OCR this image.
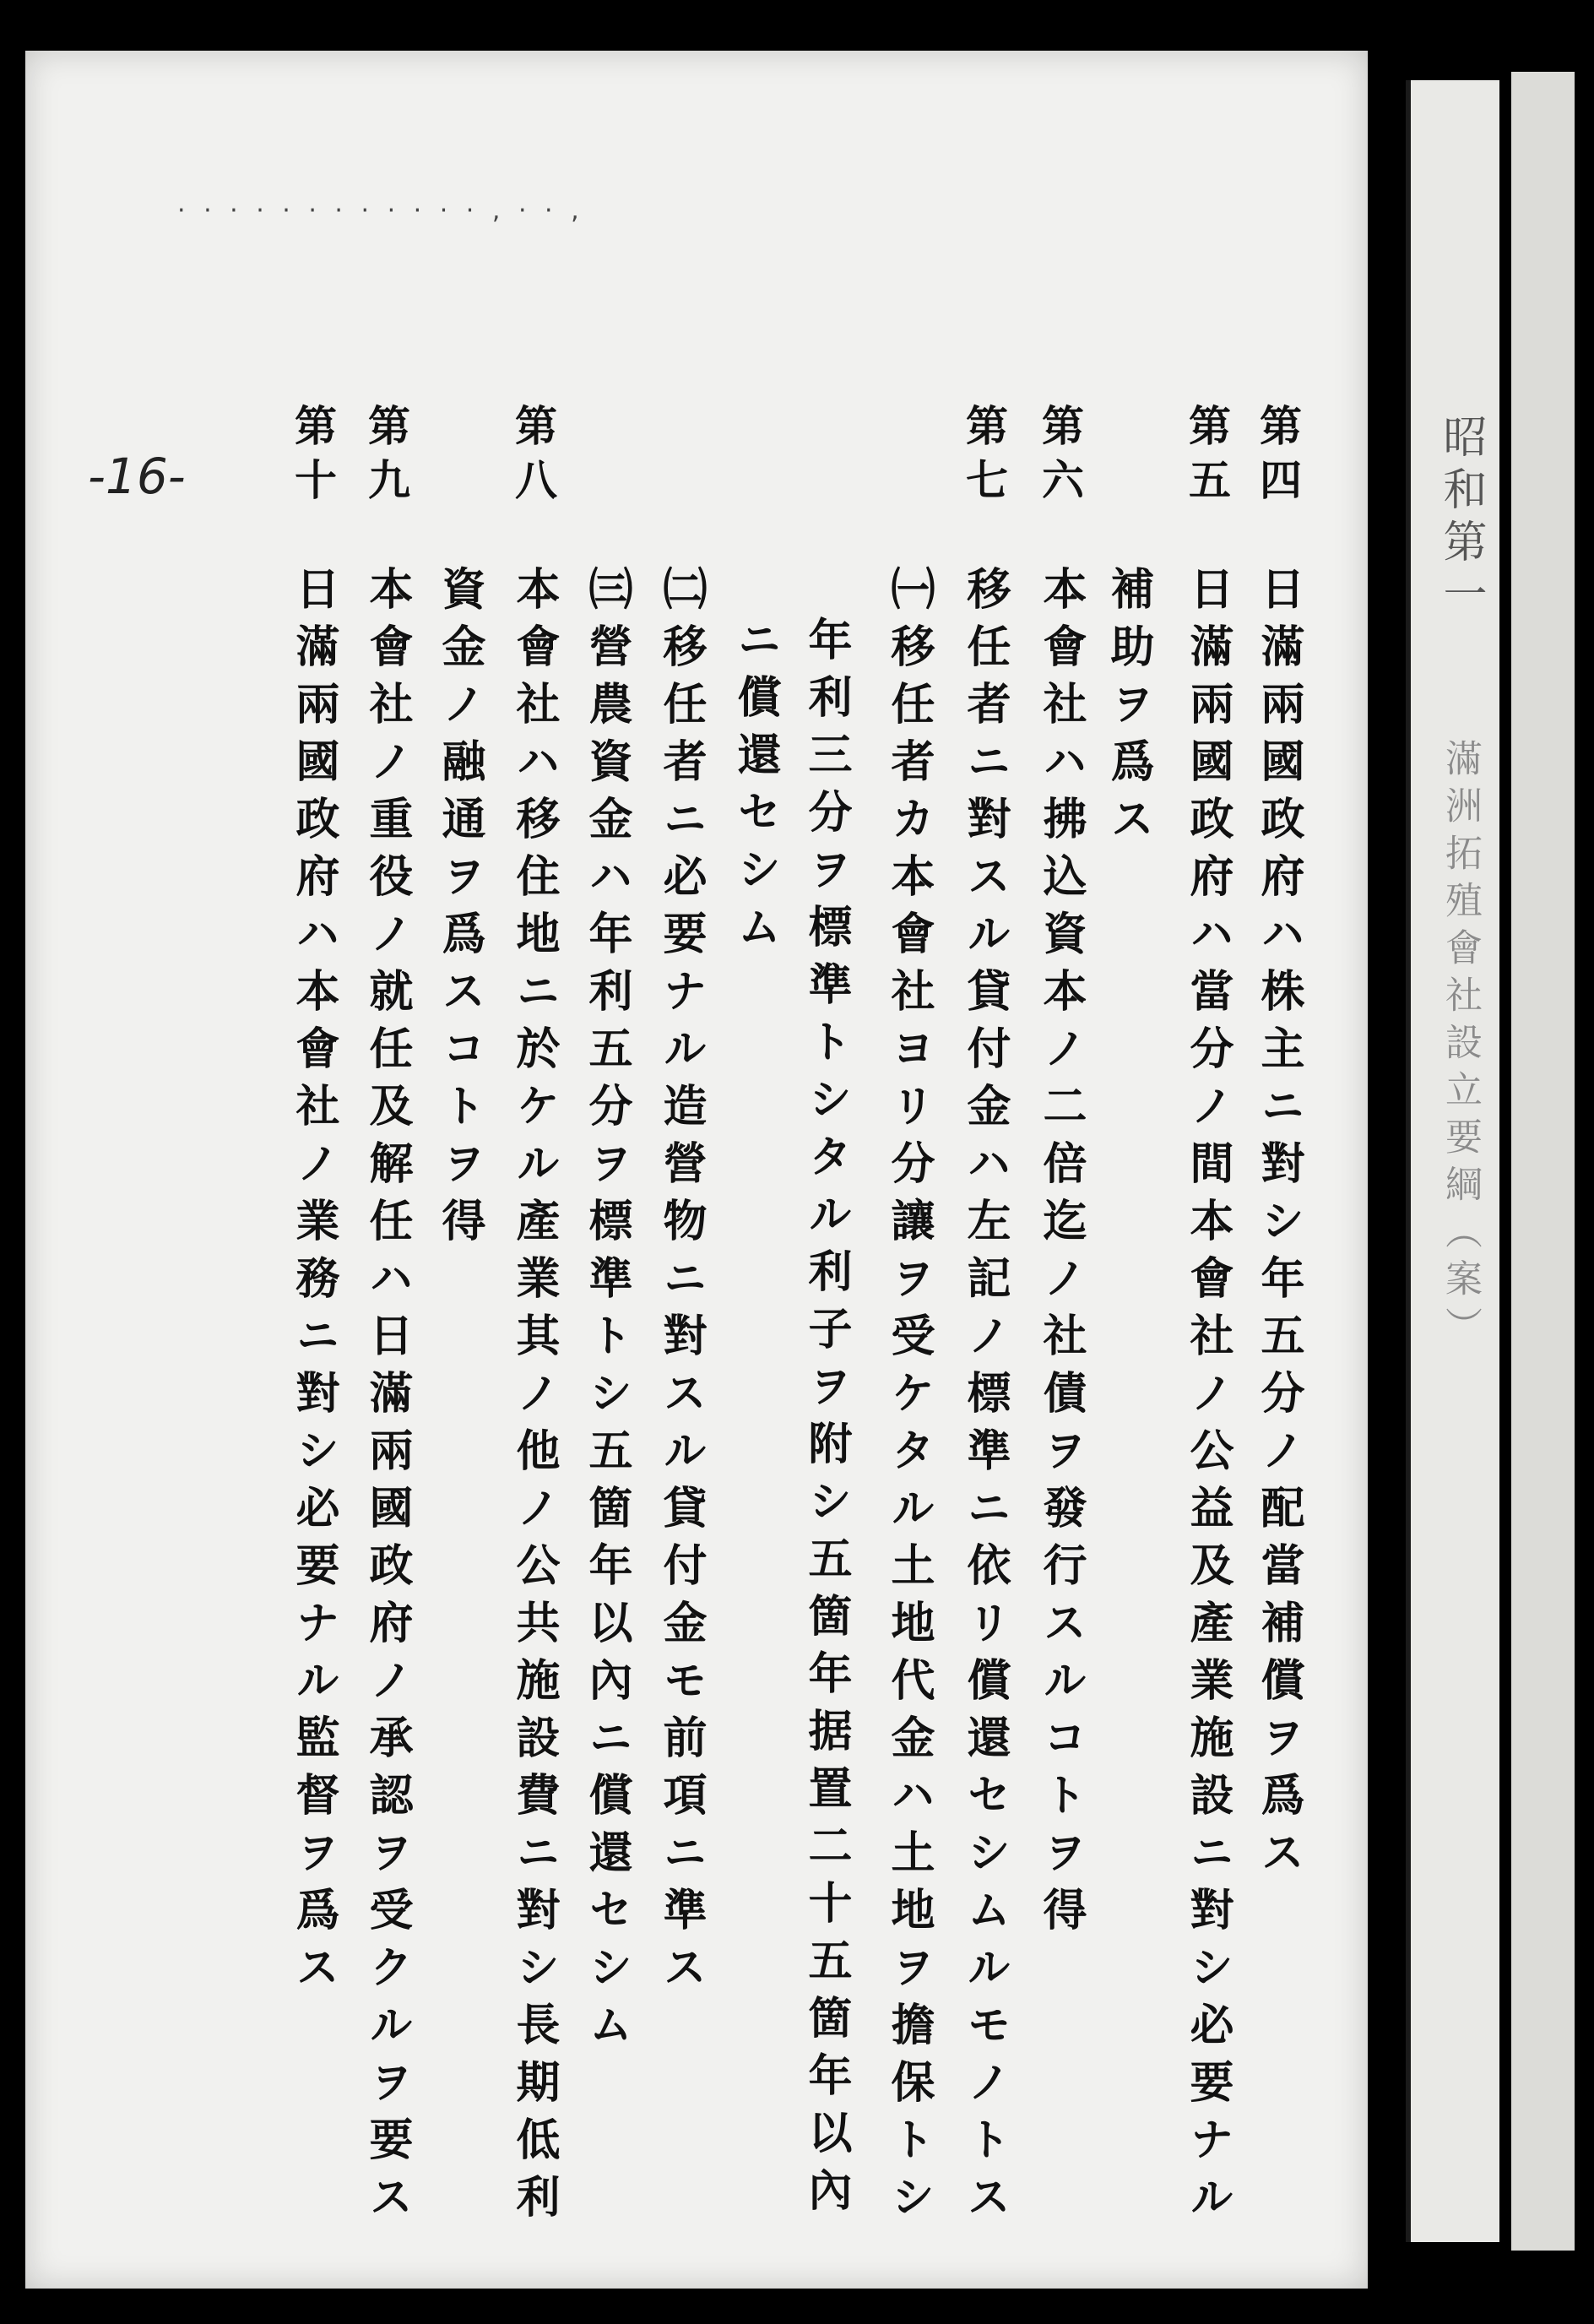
昭和第一
滿洲拓殖會社設立要綱（案）
· · · · · · · · · · · · , · · ,
-16-	第四
日滿兩國政府ハ株主ニ對シ年五分ノ配當補償ヲ爲ス
第五
日滿兩國政府ハ當分ノ間本會社ノ公益及產業施設ニ對シ必要ナル
補助ヲ爲ス
第六
本會社ハ拂込資本ノ二倍迄ノ社債ヲ發行スルコトヲ得
第七
移任者ニ對スル貸付金ハ左記ノ標準ニ依リ償還セシムルモノトス
㈠移任者カ本會社ヨリ分讓ヲ受ケタル土地代金ハ土地ヲ擔保トシ
年利三分ヲ標準トシタル利子ヲ附シ五箇年据置二十五箇年以內
ニ償還セシム
㈡移任者ニ必要ナル造營物ニ對スル貸付金モ前項ニ準ス
㈢營農資金ハ年利五分ヲ標準トシ五箇年以內ニ償還セシム
第八
本會社ハ移住地ニ於ケル產業其ノ他ノ公共施設費ニ對シ長期低利
資金ノ融通ヲ爲スコトヲ得
第九
本會社ノ重役ノ就任及解任ハ日滿兩國政府ノ承認ヲ受クルヲ要ス
第十
日滿兩國政府ハ本會社ノ業務ニ對シ必要ナル監督ヲ爲ス
